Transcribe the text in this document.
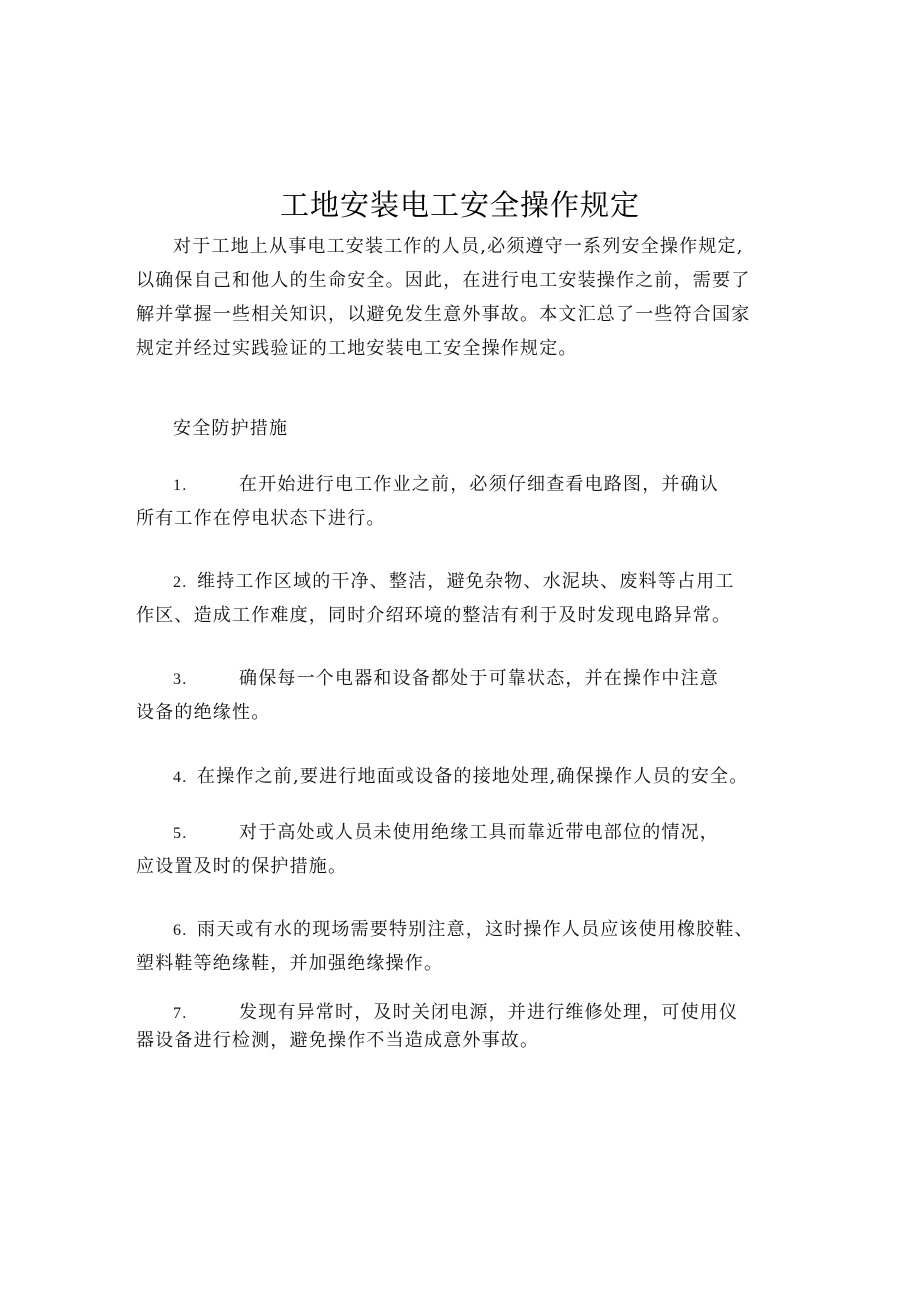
工地安装电工安全操作规定
对于工地上从事电工安装工作的人员,必须遵守一系列安全操作规定,
以确保自己和他人的生命安全。因此，在进行电工安装操作之前，需要了
解并掌握一些相关知识，以避免发生意外事故。本文汇总了一些符合国家
规定并经过实践验证的工地安装电工安全操作规定。
安全防护措施
1.	在开始进行电工作业之前，必须仔细查看电路图，并确认
所有工作在停电状态下进行。
2. 维持工作区域的干净、整洁，避免杂物、水泥块、废料等占用工
作区、造成工作难度，同时介绍环境的整洁有利于及时发现电路异常。
3.	确保每一个电器和设备都处于可靠状态，并在操作中注意
设备的绝缘性。
4. 在操作之前,要进行地面或设备的接地处理,确保操作人员的安全。
5.	对于高处或人员未使用绝缘工具而靠近带电部位的情况，
应设置及时的保护措施。
6. 雨天或有水的现场需要特别注意，这时操作人员应该使用橡胶鞋、
塑料鞋等绝缘鞋，并加强绝缘操作。
7.	发现有异常时，及时关闭电源，并进行维修处理，可使用仪
器设备进行检测，避免操作不当造成意外事故。
